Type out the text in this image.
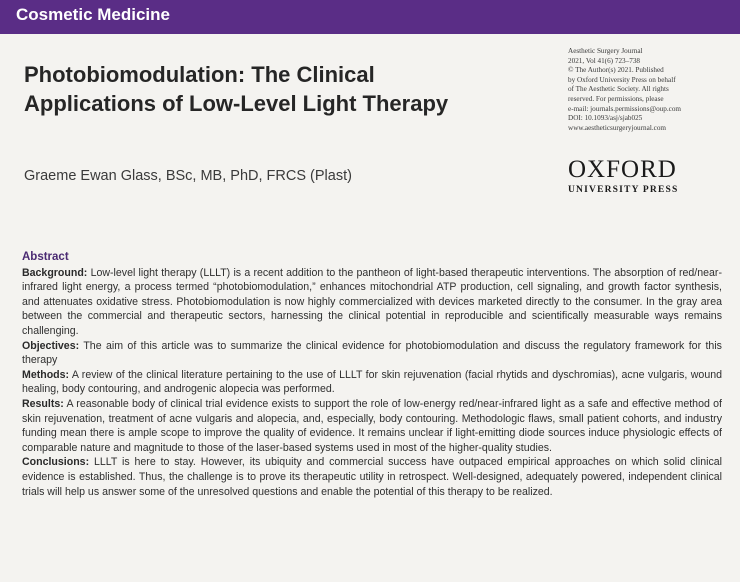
Cosmetic Medicine
Photobiomodulation: The Clinical
Applications of Low-Level Light Therapy
Graeme Ewan Glass, BSc, MB, PhD, FRCS (Plast)
Aesthetic Surgery Journal
2021, Vol 41(6) 723–738
© The Author(s) 2021. Published
by Oxford University Press on behalf
of The Aesthetic Society. All rights
reserved. For permissions, please
e-mail: journals.permissions@oup.com
DOI: 10.1093/asj/sjab025
www.aestheticsurgeryjournal.com
OXFORD
UNIVERSITY PRESS
Abstract

Background: Low-level light therapy (LLLT) is a recent addition to the pantheon of light-based therapeutic interventions. The absorption of red/near-infrared light energy, a process termed “photobiomodulation,” enhances mitochondrial ATP production, cell signaling, and growth factor synthesis, and attenuates oxidative stress. Photobiomodulation is now highly commercialized with devices marketed directly to the consumer. In the gray area between the commercial and therapeutic sectors, harnessing the clinical potential in reproducible and scientifically measurable ways remains challenging.

Objectives: The aim of this article was to summarize the clinical evidence for photobiomodulation and discuss the regulatory framework for this therapy

Methods: A review of the clinical literature pertaining to the use of LLLT for skin rejuvenation (facial rhytids and dyschromias), acne vulgaris, wound healing, body contouring, and androgenic alopecia was performed.

Results: A reasonable body of clinical trial evidence exists to support the role of low-energy red/near-infrared light as a safe and effective method of skin rejuvenation, treatment of acne vulgaris and alopecia, and, especially, body contouring. Methodologic flaws, small patient cohorts, and industry funding mean there is ample scope to improve the quality of evidence. It remains unclear if light-emitting diode sources induce physiologic effects of comparable nature and magnitude to those of the laser-based systems used in most of the higher-quality studies.

Conclusions: LLLT is here to stay. However, its ubiquity and commercial success have outpaced empirical approaches on which solid clinical evidence is established. Thus, the challenge is to prove its therapeutic utility in retrospect. Well-designed, adequately powered, independent clinical trials will help us answer some of the unresolved questions and enable the potential of this therapy to be realized.
